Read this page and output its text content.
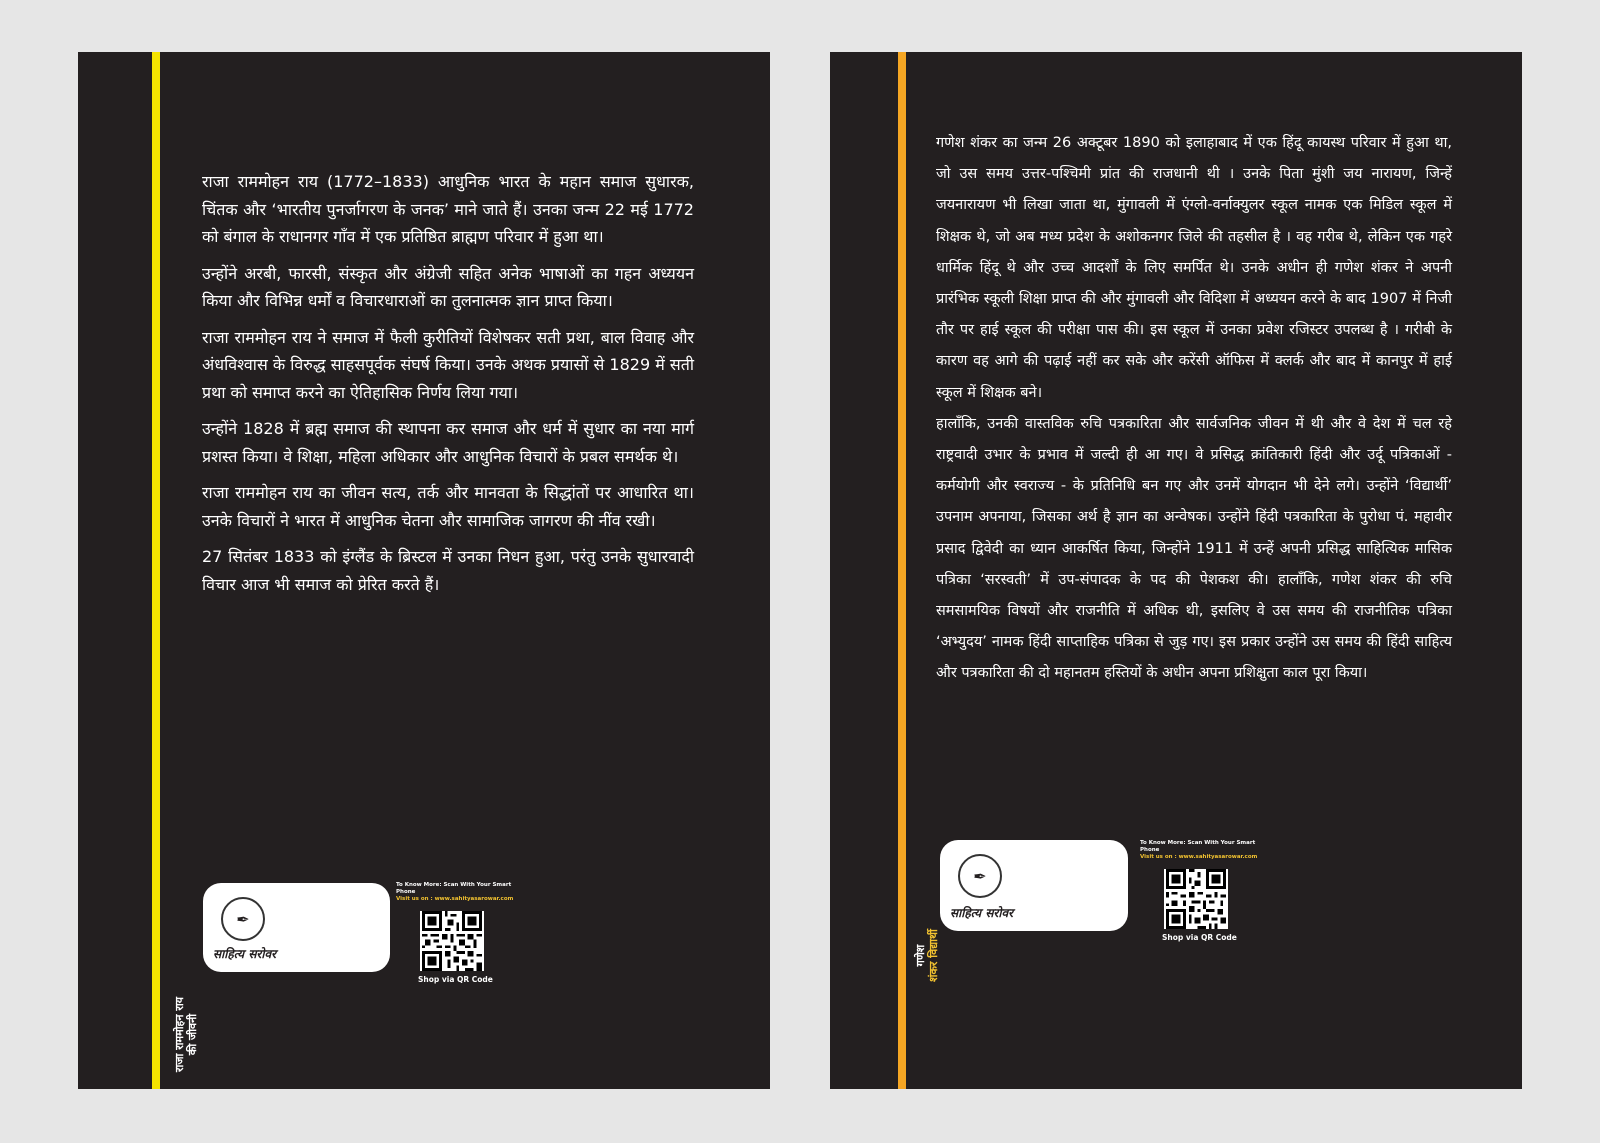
राजा राममोहन राय की जीवनी

राजा राममोहन राय (1772–1833) आधुनिक भारत के महान समाज सुधारक, चिंतक और ‘भारतीय पुनर्जागरण के जनक’ माने जाते हैं। उनका जन्म 22 मई 1772 को बंगाल के राधानगर गाँव में एक प्रतिष्ठित ब्राह्मण परिवार में हुआ था।

उन्होंने अरबी, फारसी, संस्कृत और अंग्रेजी सहित अनेक भाषाओं का गहन अध्ययन किया और विभिन्न धर्मों व विचारधाराओं का तुलनात्मक ज्ञान प्राप्त किया।

राजा राममोहन राय ने समाज में फैली कुरीतियों विशेषकर सती प्रथा, बाल विवाह और अंधविश्वास के विरुद्ध साहसपूर्वक संघर्ष किया। उनके अथक प्रयासों से 1829 में सती प्रथा को समाप्त करने का ऐतिहासिक निर्णय लिया गया।

उन्होंने 1828 में ब्रह्म समाज की स्थापना कर समाज और धर्म में सुधार का नया मार्ग प्रशस्त किया। वे शिक्षा, महिला अधिकार और आधुनिक विचारों के प्रबल समर्थक थे।

राजा राममोहन राय का जीवन सत्य, तर्क और मानवता के सिद्धांतों पर आधारित था। उनके विचारों ने भारत में आधुनिक चेतना और सामाजिक जागरण की नींव रखी।

27 सितंबर 1833 को इंग्लैंड के ब्रिस्टल में उनका निधन हुआ, परंतु उनके सुधारवादी विचार आज भी समाज को प्रेरित करते हैं।

✒
साहित्य सरोवर
To Know More: Scan With Your Smart Phone
Visit us on : www.sahityasarowar.com
Shop via QR Code
गणेश शंकर विद्यार्थी

गणेश शंकर का जन्म 26 अक्टूबर 1890 को इलाहाबाद में एक हिंदू कायस्थ परिवार में हुआ था, जो उस समय उत्तर-पश्चिमी प्रांत की राजधानी थी । उनके पिता मुंशी जय नारायण, जिन्हें जयनारायण भी लिखा जाता था, मुंगावली में एंग्लो-वर्नाक्युलर स्कूल नामक एक मिडिल स्कूल में शिक्षक थे, जो अब मध्य प्रदेश के अशोकनगर जिले की तहसील है । वह गरीब थे, लेकिन एक गहरे धार्मिक हिंदू थे और उच्च आदर्शों के लिए समर्पित थे। उनके अधीन ही गणेश शंकर ने अपनी प्रारंभिक स्कूली शिक्षा प्राप्त की और मुंगावली और विदिशा में अध्ययन करने के बाद 1907 में निजी तौर पर हाई स्कूल की परीक्षा पास की। इस स्कूल में उनका प्रवेश रजिस्टर उपलब्ध है । गरीबी के कारण वह आगे की पढ़ाई नहीं कर सके और करेंसी ऑफिस में क्लर्क और बाद में कानपुर में हाई स्कूल में शिक्षक बने।

हालाँकि, उनकी वास्तविक रुचि पत्रकारिता और सार्वजनिक जीवन में थी और वे देश में चल रहे राष्ट्रवादी उभार के प्रभाव में जल्दी ही आ गए। वे प्रसिद्ध क्रांतिकारी हिंदी और उर्दू पत्रिकाओं - कर्मयोगी और स्वराज्य - के प्रतिनिधि बन गए और उनमें योगदान भी देने लगे। उन्होंने ‘विद्यार्थी’ उपनाम अपनाया, जिसका अर्थ है ज्ञान का अन्वेषक। उन्होंने हिंदी पत्रकारिता के पुरोधा पं. महावीर प्रसाद द्विवेदी का ध्यान आकर्षित किया, जिन्होंने 1911 में उन्हें अपनी प्रसिद्ध साहित्यिक मासिक पत्रिका ‘सरस्वती’ में उप-संपादक के पद की पेशकश की। हालाँकि, गणेश शंकर की रुचि समसामयिक विषयों और राजनीति में अधिक थी, इसलिए वे उस समय की राजनीतिक पत्रिका ‘अभ्युदय’ नामक हिंदी साप्ताहिक पत्रिका से जुड़ गए। इस प्रकार उन्होंने उस समय की हिंदी साहित्य और पत्रकारिता की दो महानतम हस्तियों के अधीन अपना प्रशिक्षुता काल पूरा किया।

✒
साहित्य सरोवर
To Know More: Scan With Your Smart Phone
Visit us on : www.sahityasarowar.com
Shop via QR Code
